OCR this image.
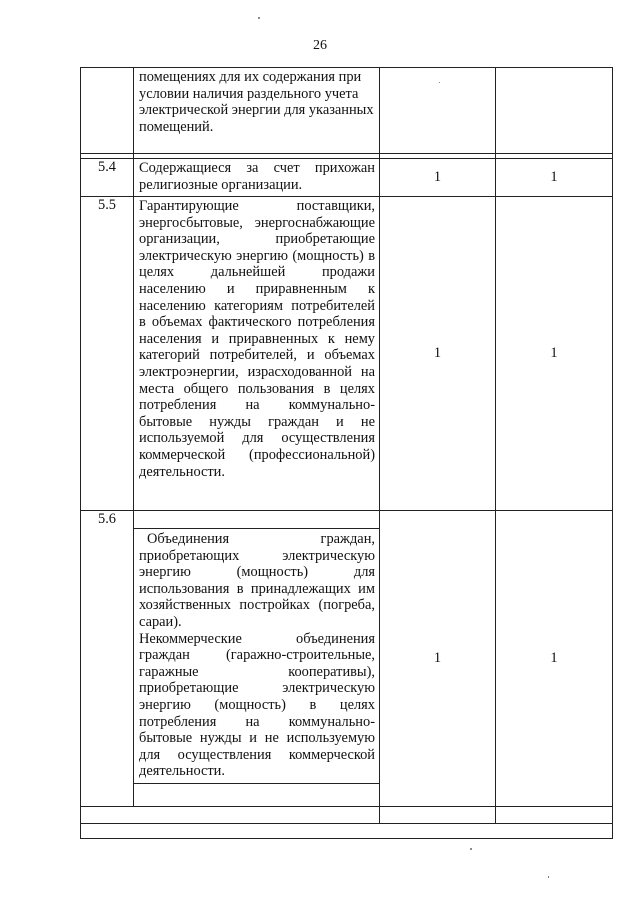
26

	помещениях для их содержания при условии наличия раздельного учета электрической энергии для указанных помещений.		

5.4	Содержащиеся за счет прихожан религиозные организации.	1	1
5.5	Гарантирующие поставщики, энергосбытовые, энергоснабжающие организации, приобретающие электрическую энергию (мощность) в целях дальнейшей продажи населению и приравненным к населению категориям потребителей в объемах фактического потребления населения и приравненных к нему категорий потребителей, и объемах электроэнергии, израсходованной на места общего пользования в целях потребления на коммунально-бытовые нужды граждан и не используемой для осуществления коммерческой (профессиональной) деятельности.	1	1
5.6	Объединения граждан, приобретающих электрическую энергию (мощность) для использования в принадлежащих им хозяйственных постройках (погреба, сараи).
Некоммерческие объединения граждан (гаражно-строительные, гаражные кооперативы), приобретающие электрическую энергию (мощность) в целях потребления на коммунально-бытовые нужды и не используемую для осуществления коммерческой деятельности.	1	1
